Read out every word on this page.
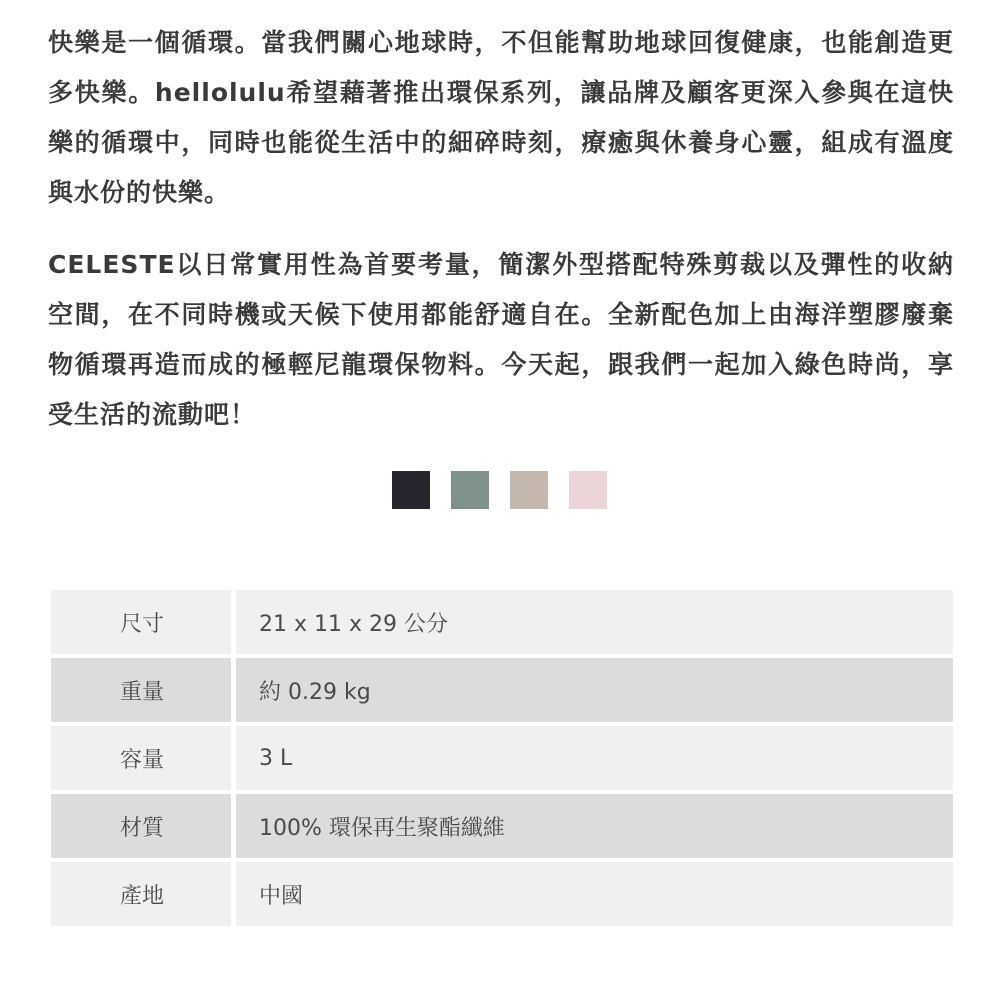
快樂是一個循環。當我們關心地球時，不但能幫助地球回復健康，也能創造更多快樂。hellolulu希望藉著推出環保系列，讓品牌及顧客更深入參與在這快樂的循環中，同時也能從生活中的細碎時刻，療癒與休養身心靈，組成有溫度與水份的快樂。

CELESTE以日常實用性為首要考量，簡潔外型搭配特殊剪裁以及彈性的收納空間，在不同時機或天候下使用都能舒適自在。全新配色加上由海洋塑膠廢棄物循環再造而成的極輕尼龍環保物料。今天起，跟我們一起加入綠色時尚，享受生活的流動吧！

尺寸	21 x 11 x 29 公分
重量	約 0.29 kg
容量	3 L
材質	100% 環保再生聚酯纖維
產地	中國
